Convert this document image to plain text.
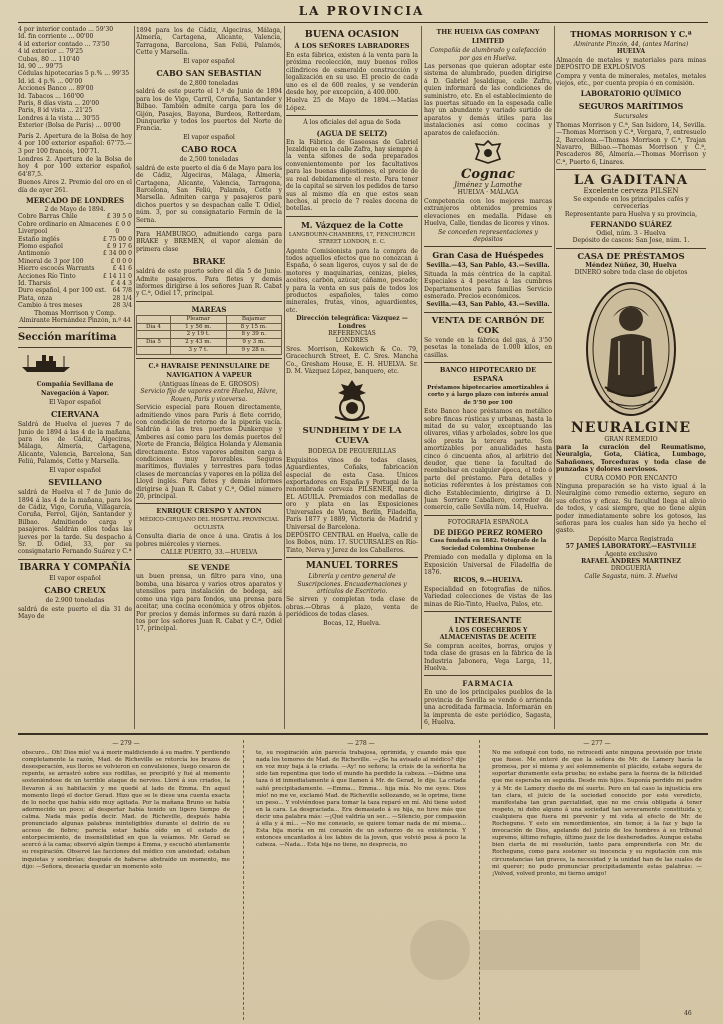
LA PROVINCIA
4 por interior contado ... 59'30
Id. fin corriente ... 00'00
4 id exterior contado ... 73'50
4 id exterior ... 79'25
Cubas, 80 ... 110'40
Id. 90 ... 99'75
Cédulas hipotecarias 5 p.% ... 99'35
Id. id. 4 p.% ... 00'00
Acciones Banco ... 89'00
Id. Tabacos ... 160'00
París, 8 días vista ... 20'00
París, 8 id vista ... 21'25
Londres á la vista ... 30'55
Exterior (Bolsa de París) ... 00'00

París 2. Apertura de la Bolsa de hoy 4 por 100 exterior español: 67'75.—3 por 100 francés, 100'71.

Londres 2. Apertura de la Bolsa de hoy 4 por 100 exterior español, 64'87,5.

Buenos Aires 2. Premio del oro en el día de ayer 261.

MERCADO DE LONDRES
2 de Mayo de 1894.
Cobre Barras Chile	£ 39 5 0
Cobre ordinario en Almacenes Liverpool
£ 0 0 0
Estaño inglés	£ 75 00 0
Plomo español	£ 9 17 6
Antimonio	£ 34 00 0
Mineral de 3 por 100	£ 0 0 0
Hierro escocés Warrants	£ 41 6
Acciones Río Tinto	£ 14 11 0
Id. Tharsis	£ 4 4 3
Duro español, 4 por 100 ext. 64 7/8
Plata, onza	28 1/4
Cambio á tres meses	28 3/4
Thomas Morrison y Comp.
Almirante Hernández Pinzón, n.º 44
Sección marítima
Compañía Sevillana de Navegación á Vapor.
El Vapor español
CIERVANA

Saldrá de Huelva el jueves 7 de Junio de 1894 á las 4 de la mañana, para los de Cádiz, Algeciras, Málaga, Almería, Cartagena, Alicante, Valencia, Barcelona, San Feliú, Palamós, Cette y Marsella.

El vapor español
SEVILLANO

saldrá de Huelva el 7 de Junio de 1894 á las 4 de la mañana, para los de Cádiz, Vigo, Coruña, Villagarcía, Coruña, Ferrol, Gijón, Santander y Bilbao. Admitiendo carga y pasajeros. Saldrán ellos todas las jueves por la tarde. Su despacho á Sr. D. Odiel, 33, por su consignatario Fernando Suárez y C.ª

IBARRA Y COMPAÑÍA
El vapor español
CABO CREUX
de 2.900 toneladas

saldrá de este puerto el día 31 de Mayo de

1894 para los de Cádiz, Algeciras, Málaga, Almería, Cartagena, Alicante, Valencia, Tarragona, Barcelona, San Feliú, Palamós, Cette y Marsella.

El vapor español
CABO SAN SEBASTIAN
de 2,800 toneladas

saldrá de este puerto el 1.º de Junio de 1894 para los de Vigo, Carril, Coruña, Santander y Bilbao. También admite carga para los de Gijón, Pasajes, Bayona, Burdeos, Rotterdam, Dunquerke y todos los puertos del Norte de Francia.

El vapor español
CABO ROCA
de 2,500 toneladas

saldrá de este puerto el día 6 de Mayo para los de Cádiz, Algeciras, Málaga, Almería, Cartagena, Alicante, Valencia, Tarragona, Barcelona, San Feliú, Palamós, Cette y Marsella. Admiten carga y pasajeros para dichos puertos y se despachan calle T. Odiel, núm. 3, por su consignatario Fermín de la Serna.

Para HAMBURGO, admitiendo carga para BRAKE y BREMEN, el vapor alemán de primera clase

BRAKE

saldrá de este puerto sobre el día 5 de Junio. Admite pasajeros. Para fletes y demás informes dirigirse á los señores Juan R. Cabat y C.ª, Odiel 17, principal.

MAREAS
	Pleamar	Bajamar
Día 4	1 y 56 m.	8 y 15 m.
	2 y 19 t.	8 y 39 n.
Día 5	2 y 43 m.	9 y 3 m.
	3 y 7 t.	9 y 28 n.
C.ª HAVRAISE PENINSULAIRE DE NAVIGATION Á VAPEUR
(Antiguas líneas de E. GROSOS)
Servicio fijo de vapores entre Huelva, Hâvre, Rouen, París y viceversa.

Servicio especial para Rouen directamente, admitiendo vinos para París á flete corrido, con condición de retorno de la pipería vacía. Saldrán á las tres puertos Dunkerque y Amberes así como para los demás puertos del Norte de Francia, Bélgica Holanda y Alemania directamente. Estos vapores admiten carga á condiciones muy favorables. Seguros marítimos, fluviales y terrestres para todas clases de mercancías y vapores en la póliza del Lloyd inglés. Para fletes y demás informes dirigirse á Juan R. Cabat y C.ª, Odiel número 20, principal.

ENRIQUE CRESPO Y ANTON
MÉDICO-CIRUJANO DEL HOSPITAL PROVINCIAL OCULISTA

Consulta diaria de once á una. Gratis á los pobres miércoles y viernes.

CALLE PUERTO, 33.—HUELVA
SE VENDE

un buen prensa, un filtro para vino, una bomba, una bisarca y varios otros aparatos y utensilios para instalación de bodega, así como una viga para fondos, una prensa para aceitar, una cocina económica y otros objetos. Por precios y demás informes su dará razón á tos por los señores Juan R. Cabat y C.ª, Odiel 17, principal.

BUENA OCASION
Á LOS SEÑORES LABRADORES

En esta fábrica, existen á la venta para la próxima recolección, muy buenos rollos cilíndricos de esmeraldo construcción y legalización en su uso. El precio de cada uno es el de 600 reales, y se venderán desde hoy, por excepción, á 400.000.

Huelva 25 de Mayo de 1894.—Matías López.

Á los oficiales del agua de Soda
(AGUA DE SELTZ)

En la Fábrica de Gaseosas de Gabriel Jezaldique en la calle Zafra, hay siempre á la venta sifones de soda preparados convenientemente por los facultativos para las buenas digestiones, el precio de su real debidamente el resto. Para tener de la capital se sirven los pedidos de tarso sus al mismo día en que estos sean hechos, al precio de 7 reales docena de botellas.

M. Vázquez de la Cotte
LANGBOURN-CHAMBERS, 17, FENCHURCH STREET LONDON, E. C.

Agente Comisionista para la compra de todos aquellos efectos que no conozcan á España, ó sean ligeros, cuyos y sal de de motores y maquinarias, cenizas, pieles, aceites, carbón, azúcar, cáñamo, pescado; y para la venta en sus país de todos los productos españoles, tales como minerales, frutas, vinos, aguardientes, etc.

Dirección telegráfica: Vázquez — Londres
REFERENCIAS
LONDRES

Sres. Morrison, Kekewich & Co. 79, Gracechurch Street, E. C. Sres. Mancha Co., Gresham House, E. H. HUELVA. Sr. D. M. Vázquez López, banquero, etc.

SUNDHEIM Y DE LA CUEVA
BODEGA DE PEGUERILLAS

Exquisitos vinos de todas clases, Aguardientes, Coñaks, fabricación especial de esta Casa. Unicos exportadores en España y Portugal de la renombrada cerveza PILSENER, marca EL AGUILA. Premiados con medallas de oro y plata en las Exposiciones Universales de Viena, Berlín, Filadelfia, París 1877 y 1889, Victoria de Madrid y Universal de Barcelona.

DEPÓSITO CENTRAL en Huelva, calle de los Bobos, núm. 17. SUCURSALES en Río-Tinto, Nerva y Jerez de los Caballeros.

MANUEL TORRES
Librería y centro general de Suscripciones. Encuadernaciones y artículos de Escritorio.

Se sirven y completan toda clase de obras.—Obras á plazo, venta de periódicos de todas clases.

Bocas, 12, Huelva.
THE HUELVA GAS COMPANY LIMITED
Compañía de alumbrado y calefacción por gas en Huelva.

Las personas que quieran adoptar este sistema de alumbrado, pueden dirigirse á D. Gabriel Jesaldique, calle Zafra, quien informará de las condiciones de suministro, etc. En el establecimiento de las puertas situado en la espesada calle hay un abundante y variado surtido de aparatos y demás útiles para las instalaciones así como cocinas y aparatos de calefacción.

Cognac
Jiménez y Lamothe
HUELVA · MÁLAGA

Competencia con los mejores marcas extranjeros obtenidos premios y elevaciones en medalla. Pídase en Huelva, Calle, tiendas de licores y vinos.

Se conceden representaciones y depósitos
Gran Casa de Huéspedes
Sevilla.—43, San Pablo, 43.—Sevilla.

Situada la más céntrica de la capital. Especiales á 4 pesetas á las cumbres Departamentos para familias Servicio esmerado. Precios económicos.

Sevilla.—43, San Pablo, 43.—Sevilla.
VENTA DE CARBÓN DE COK

Se vende en la fábrica del gas, á 3'50 pesetas la tonelada de 1.000 kilos, en casillas.

BANCO HIPOTECARIO DE ESPAÑA
Préstamos hipotecarios amortizables á corto y á largo plazo con interés anual de 5'50 por 100

Este Banco hace préstamos en metálico sobre fincas rústicas y urbanas, hasta la mitad de su valor, exceptuando las olivares, viñas y arbolados, sobre los que sólo presta la tercera parte. Son amortizables por anualidades hasta cinco ó cincuenta años, al arbitrio del deudor, que tiene la facultad de reembolsar en cualquier época, el todo ó parte del préstamo. Para detalles y noticias referentes á los préstamos con dicho Establecimiento, dirigirse á D. Juan Sorriere Caballero, corredor de comercio, calle Sevilla núm. 14, Huelva.

FOTOGRAFÍA ESPAÑOLA
DE DIEGO PEREZ ROMERO
Casa fundada en 1882. Fotógrafo de la Sociedad Colombina Onubense

Premiado con medalla y diploma en la Exposición Universal de Filadelfia de 1876.

RICOS, 9.—HUELVA.

Especialidad en fotografías de niños. Variedad colecciones de vistas de las minas de Río-Tinto, Huelva, Palos, etc.

INTERESANTE
Á LOS COSECHEROS Y ALMACENISTAS DE ACEITE

Se compran aceites, borras, orujos y toda clase de grasas en la fábrica de la Industria Jabonera, Vega Larga, 11, Huelva.

FARMACIA

En uno de los principales pueblos de la provincia de Sevilla se vende ó arrienda una acreditada farmacia. Informarán en la imprenta de este periódico, Sagasta, 6, Huelva.

THOMAS MORRISON Y C.ª
Almirante Pinzón, 44, (antes Marina)
HUELVA

Almacén de metales y materiales para minas DEPÓSITO DE EXPLOSIVOS

Compra y venta de minerales, metales, metales viejos, etc., por cuenta propia ó en comisión.

LABORATORIO QUÍMICO
SEGUROS MARÍTIMOS
Sucursales

Thomas Morrison y C.ª, San Isidoro, 14, Sevilla.—Thomas Morrison y C.ª, Vergara, 7, entresuelo 2, Barcelona.—Thomas Morrison y C.ª, Trajan Navarro, Bilbao.—Thomas Morrison y C.ª, Pescaderos 86, Almería.—Thomas Morrison y C.ª, Puerto 6, Linares.

LA GADITANA
Excelente cerveza PILSEN
Se expende en los principales cafés y cervecerías
Representante para Huelva y su provincia,
FERNANDO SUÁREZ
Odiel, núm. 3 - Huelva
Depósito de cascos: San Jose, núm. 1.
CASA DE PRÉSTAMOS
Méndez Núñez, 30, Huelva
DINERO sobre toda clase de objetos
NEURALGINE
GRAN REMEDIO

para la curación del Reumatismo, Neuralgia, Gota, Ciática, Lumbago, Sabañones, Torceduras y toda clase de punzadas y dolores nerviosos.

CURA COMO POR ENCANTO

Ninguna preparación se ha visto igual á la Neuralgine como remedio externo, seguro en sus efectos y eficaz. Su facultad llega al alivio de todos, y casi siempre, que no tiene algún poder inmediatamente sobre los gotosos, las señoras para los cuales han sido ya hecho el gasto.

Depósito Marca Registrada
57 JAMES LABORATORY.—EASTVILLE
Agente exclusivo
RAFAEL ANDRES MARTINEZ
DROGUERÍA
Calle Sagasta, núm. 3. Huelva
— 279 —

obscuro... Oh! Dios mío! va á morir maldiciendo á su madre. Y perdiendo completamente la razón, Mad. de Richeville se retorcía los brazos de desesperación, sus lloros se volvieron en convulsiones, luego cesaron de repente, se arrastró sobre sus rodillas, se precipitó y fué al momento sosteniéndose de un terrible ataque de nervios. Lloré á sus criados, la llevaron á su habitación y me quedé al lado de Emma. En aquel momento llegó el doctor Gerad. Hizo que se le diese una cuenta exacta de lo noche que había sido muy agitada. Por la mañana Bruno se había adormecido un poco; al despertar había tenido un ligero tiempo de calma. Nada más podía decir. Mad. de Richeville, después había pronunciado algunas palabras ininteligibles durante el delirio de su acceso de fiebre; parecía estar había oído en el estado de entorpecimiento, de insensibilidad en que la veíamos. Mr. Gerad se acercó á la cama; observó algún tiempo á Emma, y escuchó atentamente su respiración. Observé las facciones del médico con ansiedad; estaban inquietas y sombrías; después de haberse abstraído un momento, me dijo: —Señora, desearía quedar un momento solo

— 278 —

te, su respiración aún parecía trabajosa, oprimida, y cuando más que nada los temores de Mad. de Richeville. —¿Se ha avisado al médico? dije en voz muy baja á la criada. —Ay! no señora; la crisis de la señorita ha sido tan repentina que todo el mundo ha perdido la cabeza. —Dádme una taza ó id inmediatamente á que llamen á Mr. de Gerad, le dije. La criada salió precipitadamente. —Emma... Emma... hija mía. No me oyes. Dios mío! no me ve, exclamó Mad. de Richeville sollozando, se le oprime, tiene un peso... Y volviéndose para tomar la taza reparó en mí. Ahí tiene usted en la cara. La desgraciada... Era demasiado á su hija, no tuve más que decir una palabra más: —¡Qué valdría un ser... —Silencio, por compasión á ella y á mí... —No me consuelo, se quiere tomar nada de mí misma... Esta hija moría en mi corazón de un esfuerzo de su existencia. Y entonces encantados á los labios de la joven, que volvió pesa á poco la cabeza. —Nada... Esta hija no tiene, no desprecia, no

— 277 —

No me sofoqué con todo, no retrocedí ante ninguna provisión por triste que fuese. Me enteré de que la señora de Mr. de Lamery hacía la promesa, por sí misma y así solemnemente el plácido, estaba segura de soportar duramente esta prueba; no estaba para la fuerza de la felicidad que me esperaba en seguida. Desde mis hijos. Suponía perdido mi padre y á Mr. de Lamery dueño de mí suerte. Pero en tal caso la injusticia era tan clara, el juicio de la sociedad conocido por este veredicto, manifestaba tan gran parcialidad, que no me creía obligada á tener respeto, ni debo alguno á una sociedad tan severamente constituida y, cualquiera que fuera mi porvenir y mi vida al efecto de Mr. de Rochegune. Y esto sin remordimientos, sin temor, á la faz y bajo la invocación de Dios, apelando del juicio de los hombres á su tribunal supremo, último refugio, último juez de los desheredados. Aunque estaba bien cierta de mi resolución, tanto para emprenderla con Mr. de Rochegune, como para sostener su inocencia y su reputación con mis circunstancias tan graves, la necesidad y la unidad han de las cuales de mi querer; no pudo pronunciar precipitadamente estas palabras: —¡Volved, volved pronto, mi tierno amigo!

46
